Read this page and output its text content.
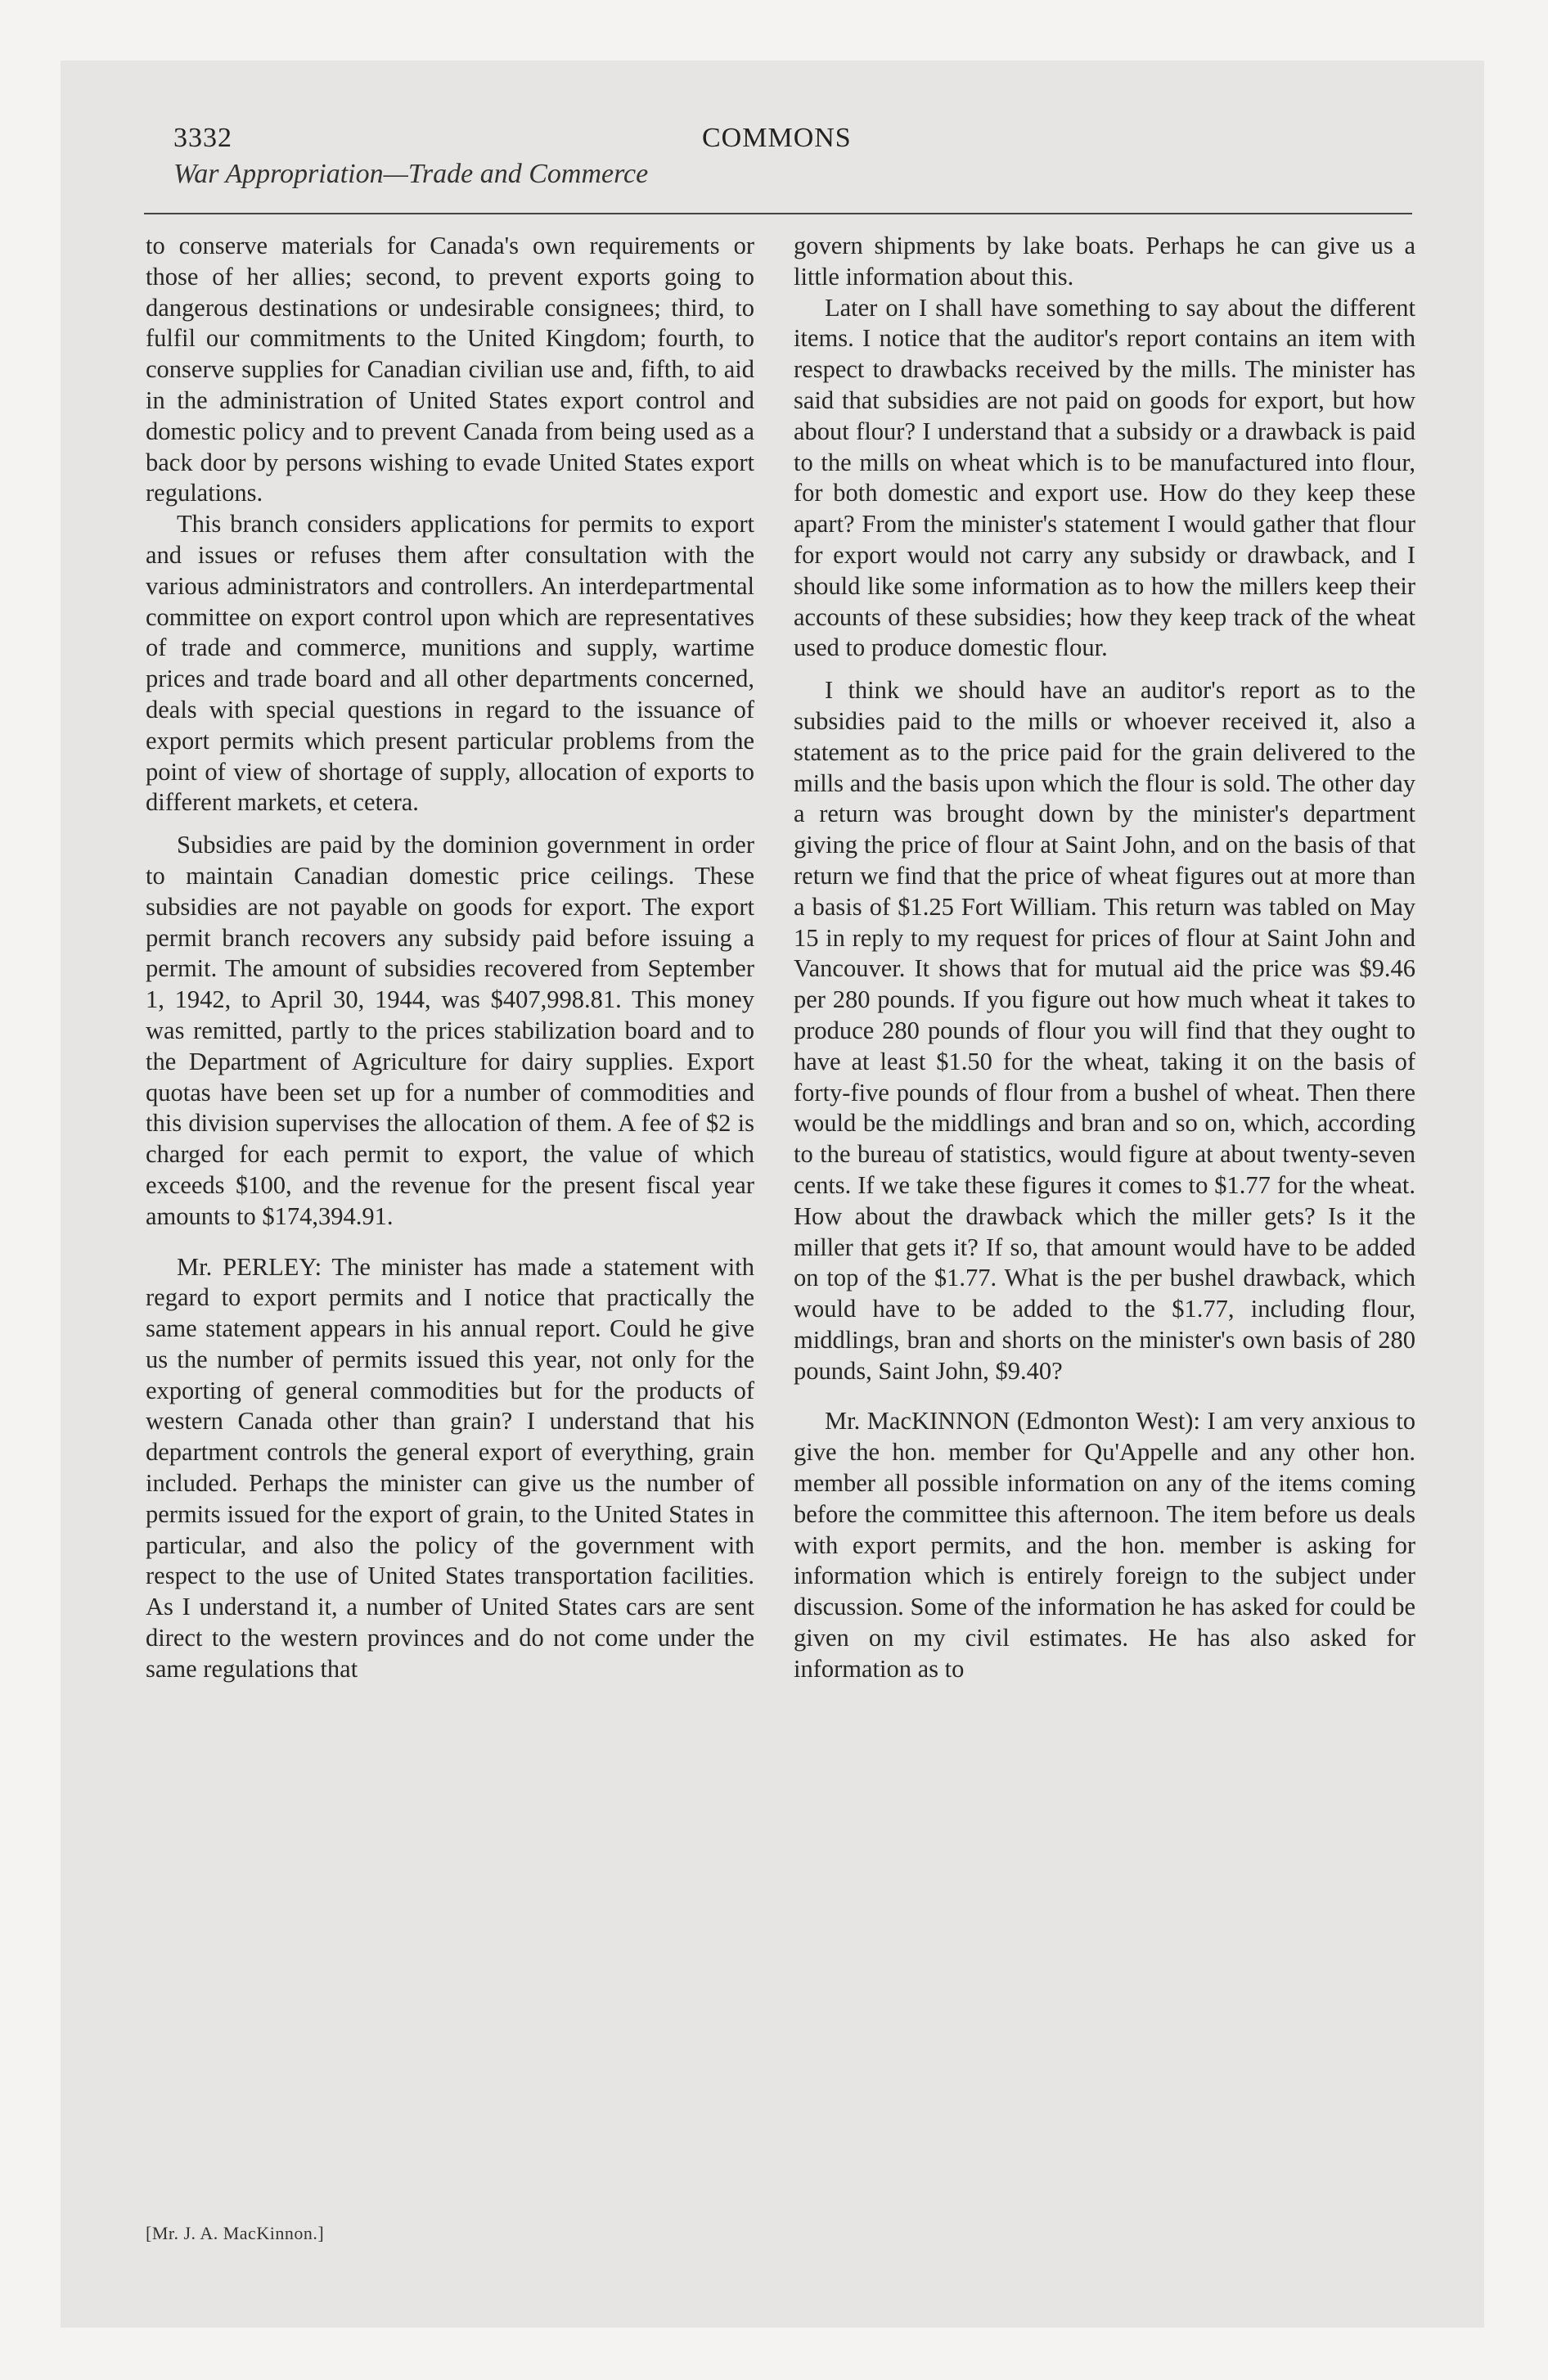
3332	COMMONS
War Appropriation—Trade and Commerce

to conserve materials for Canada's own requirements or those of her allies; second, to prevent exports going to dangerous destinations or undesirable consignees; third, to fulfil our commitments to the United Kingdom; fourth, to conserve supplies for Canadian civilian use and, fifth, to aid in the administration of United States export control and domestic policy and to prevent Canada from being used as a back door by persons wishing to evade United States export regulations.

This branch considers applications for permits to export and issues or refuses them after consultation with the various administrators and controllers. An interdepartmental committee on export control upon which are representatives of trade and commerce, munitions and supply, wartime prices and trade board and all other departments concerned, deals with special questions in regard to the issuance of export permits which present particular problems from the point of view of shortage of supply, allocation of exports to different markets, et cetera.

Subsidies are paid by the dominion government in order to maintain Canadian domestic price ceilings. These subsidies are not payable on goods for export. The export permit branch recovers any subsidy paid before issuing a permit. The amount of subsidies recovered from September 1, 1942, to April 30, 1944, was $407,998.81. This money was remitted, partly to the prices stabilization board and to the Department of Agriculture for dairy supplies. Export quotas have been set up for a number of commodities and this division supervises the allocation of them. A fee of $2 is charged for each permit to export, the value of which exceeds $100, and the revenue for the present fiscal year amounts to $174,394.91.

Mr. PERLEY: The minister has made a statement with regard to export permits and I notice that practically the same statement appears in his annual report. Could he give us the number of permits issued this year, not only for the exporting of general commodities but for the products of western Canada other than grain? I understand that his department controls the general export of everything, grain included. Perhaps the minister can give us the number of permits issued for the export of grain, to the United States in particular, and also the policy of the government with respect to the use of United States transportation facilities. As I understand it, a number of United States cars are sent direct to the western provinces and do not come under the same regulations that

govern shipments by lake boats. Perhaps he can give us a little information about this.

Later on I shall have something to say about the different items. I notice that the auditor's report contains an item with respect to drawbacks received by the mills. The minister has said that subsidies are not paid on goods for export, but how about flour? I understand that a subsidy or a drawback is paid to the mills on wheat which is to be manufactured into flour, for both domestic and export use. How do they keep these apart? From the minister's statement I would gather that flour for export would not carry any subsidy or drawback, and I should like some information as to how the millers keep their accounts of these subsidies; how they keep track of the wheat used to produce domestic flour.

I think we should have an auditor's report as to the subsidies paid to the mills or whoever received it, also a statement as to the price paid for the grain delivered to the mills and the basis upon which the flour is sold. The other day a return was brought down by the minister's department giving the price of flour at Saint John, and on the basis of that return we find that the price of wheat figures out at more than a basis of $1.25 Fort William. This return was tabled on May 15 in reply to my request for prices of flour at Saint John and Vancouver. It shows that for mutual aid the price was $9.46 per 280 pounds. If you figure out how much wheat it takes to produce 280 pounds of flour you will find that they ought to have at least $1.50 for the wheat, taking it on the basis of forty-five pounds of flour from a bushel of wheat. Then there would be the middlings and bran and so on, which, according to the bureau of statistics, would figure at about twenty-seven cents. If we take these figures it comes to $1.77 for the wheat. How about the drawback which the miller gets? Is it the miller that gets it? If so, that amount would have to be added on top of the $1.77. What is the per bushel drawback, which would have to be added to the $1.77, including flour, middlings, bran and shorts on the minister's own basis of 280 pounds, Saint John, $9.40?

Mr. MacKINNON (Edmonton West): I am very anxious to give the hon. member for Qu'Appelle and any other hon. member all possible information on any of the items coming before the committee this afternoon. The item before us deals with export permits, and the hon. member is asking for information which is entirely foreign to the subject under discussion. Some of the information he has asked for could be given on my civil estimates. He has also asked for information as to

[Mr. J. A. MacKinnon.]
